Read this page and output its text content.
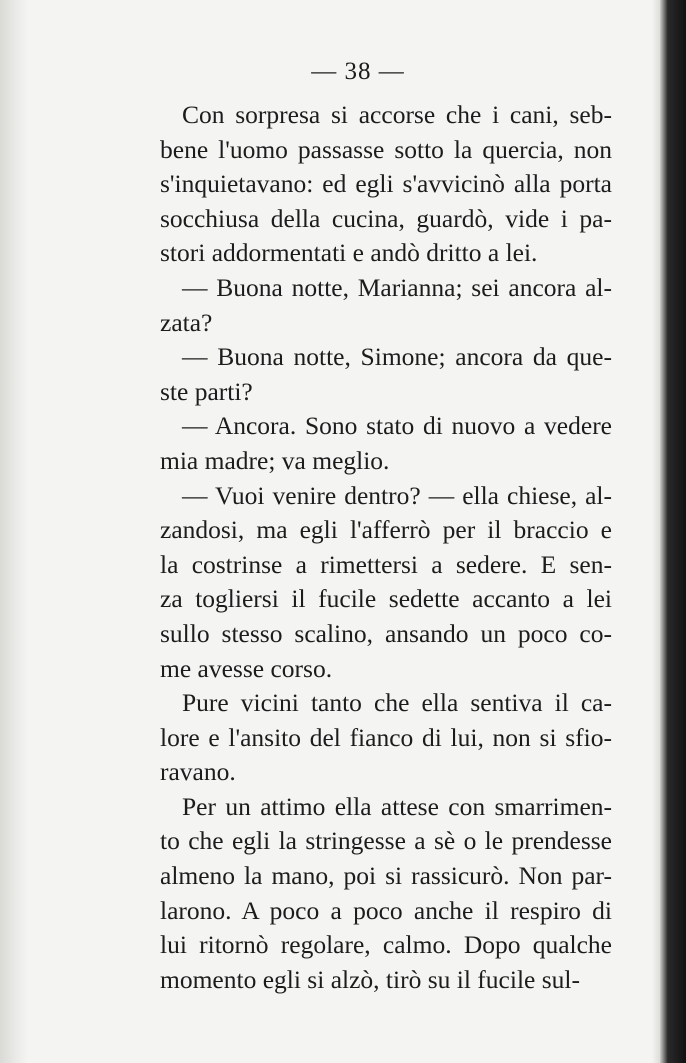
— 38 —
Con sorpresa si accorse che i cani, seb-
bene l'uomo passasse sotto la quercia, non
s'inquietavano: ed egli s'avvicinò alla porta
socchiusa della cucina, guardò, vide i pa-
stori addormentati e andò dritto a lei.
— Buona notte, Marianna; sei ancora al-
zata?
— Buona notte, Simone; ancora da que-
ste parti?
— Ancora. Sono stato di nuovo a vedere
mia madre; va meglio.
— Vuoi venire dentro? — ella chiese, al-
zandosi, ma egli l'afferrò per il braccio e
la costrinse a rimettersi a sedere. E sen-
za togliersi il fucile sedette accanto a lei
sullo stesso scalino, ansando un poco co-
me avesse corso.
Pure vicini tanto che ella sentiva il ca-
lore e l'ansito del fianco di lui, non si sfio-
ravano.
Per un attimo ella attese con smarrimen-
to che egli la stringesse a sè o le prendesse
almeno la mano, poi si rassicurò. Non par-
larono. A poco a poco anche il respiro di
lui ritornò regolare, calmo. Dopo qualche
momento egli si alzò, tirò su il fucile sul-
